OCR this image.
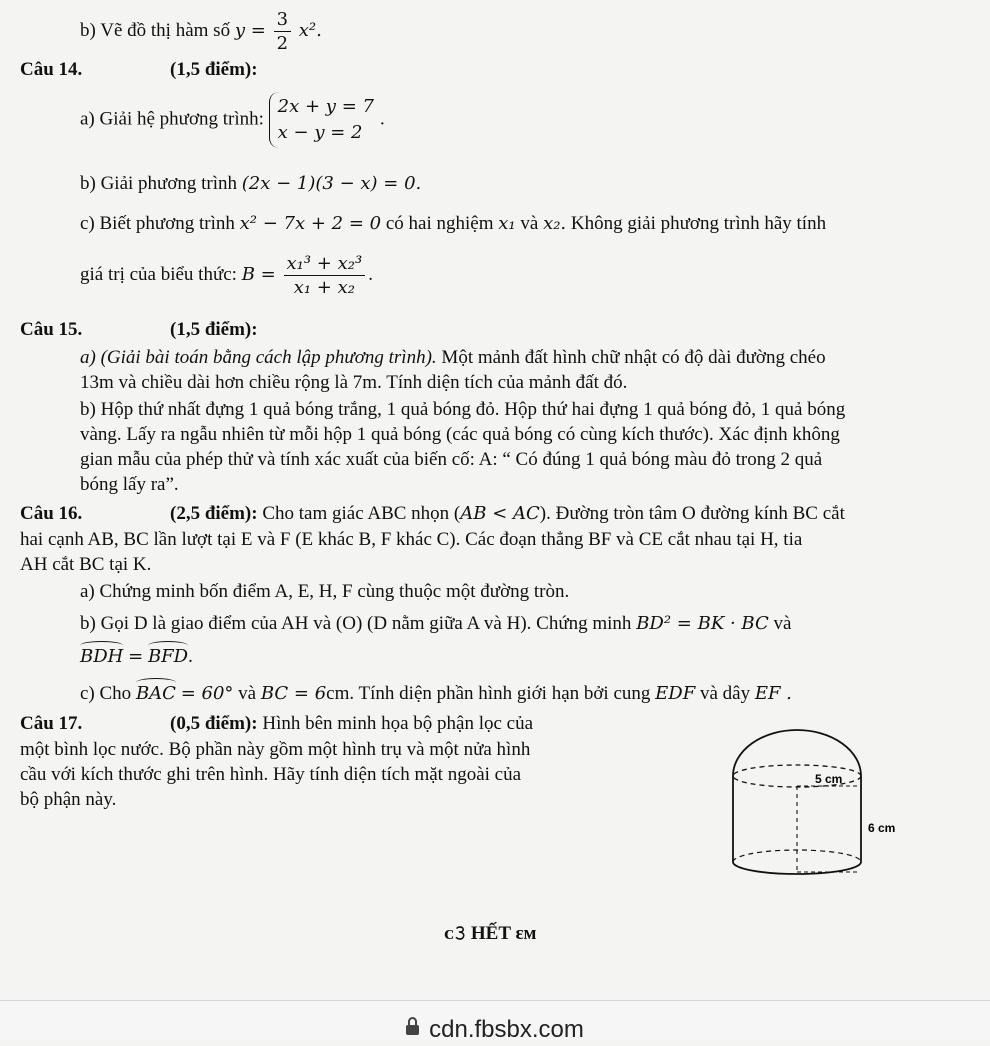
b) Vẽ đồ thị hàm số $y = \frac{3}{2} x^2$.
Câu 14.	(1,5 điểm):
a) Giải hệ phương trình:
2x + y = 7
x − y = 2
.
b) Giải phương trình (2x − 1)(3 − x) = 0.
c) Biết phương trình x² − 7x + 2 = 0 có hai nghiệm x₁ và x₂. Không giải phương trình hãy tính
giá trị của biểu thức: $B = \frac{\text{x₁³ + x₂³}}{\text{x₁ + x₂}}$ .
Câu 15.	(1,5 điểm):
a) (Giải bài toán bằng cách lập phương trình). Một mảnh đất hình chữ nhật có độ dài đường chéo
13m và chiều dài hơn chiều rộng là 7m. Tính diện tích của mảnh đất đó.
b) Hộp thứ nhất đựng 1 quả bóng trắng, 1 quả bóng đỏ. Hộp thứ hai đựng 1 quả bóng đỏ, 1 quả bóng
vàng. Lấy ra ngẫu nhiên từ mỗi hộp 1 quả bóng (các quả bóng có cùng kích thước). Xác định không
gian mẫu của phép thử và tính xác xuất của biến cố: A: “ Có đúng 1 quả bóng màu đỏ trong 2 quả
bóng lấy ra”.
Câu 16.	(2,5 điểm): Cho tam giác ABC nhọn (AB < AC). Đường tròn tâm O đường kính BC cắt
hai cạnh AB, BC lần lượt tại E và F (E khác B, F khác C). Các đoạn thẳng BF và CE cắt nhau tại H, tia
AH cắt BC tại K.
a) Chứng minh bốn điểm A, E, H, F cùng thuộc một đường tròn.
b) Gọi D là giao điểm của AH và (O) (D nằm giữa A và H). Chứng minh BD² = BK · BC và
BDH = BFD.
c) Cho BAC = 60° và BC = 6cm. Tính diện phần hình giới hạn bởi cung EDF và dây EF .
Câu 17.	(0,5 điểm): Hình bên minh họa bộ phận lọc của
một bình lọc nước. Bộ phần này gồm một hình trụ và một nửa hình
cầu với kích thước ghi trên hình. Hãy tính diện tích mặt ngoài của
bộ phận này.
5 cm
6 cm
ᴄ𝟹 HẾT ɛᴍ
cdn.fbsbx.com
